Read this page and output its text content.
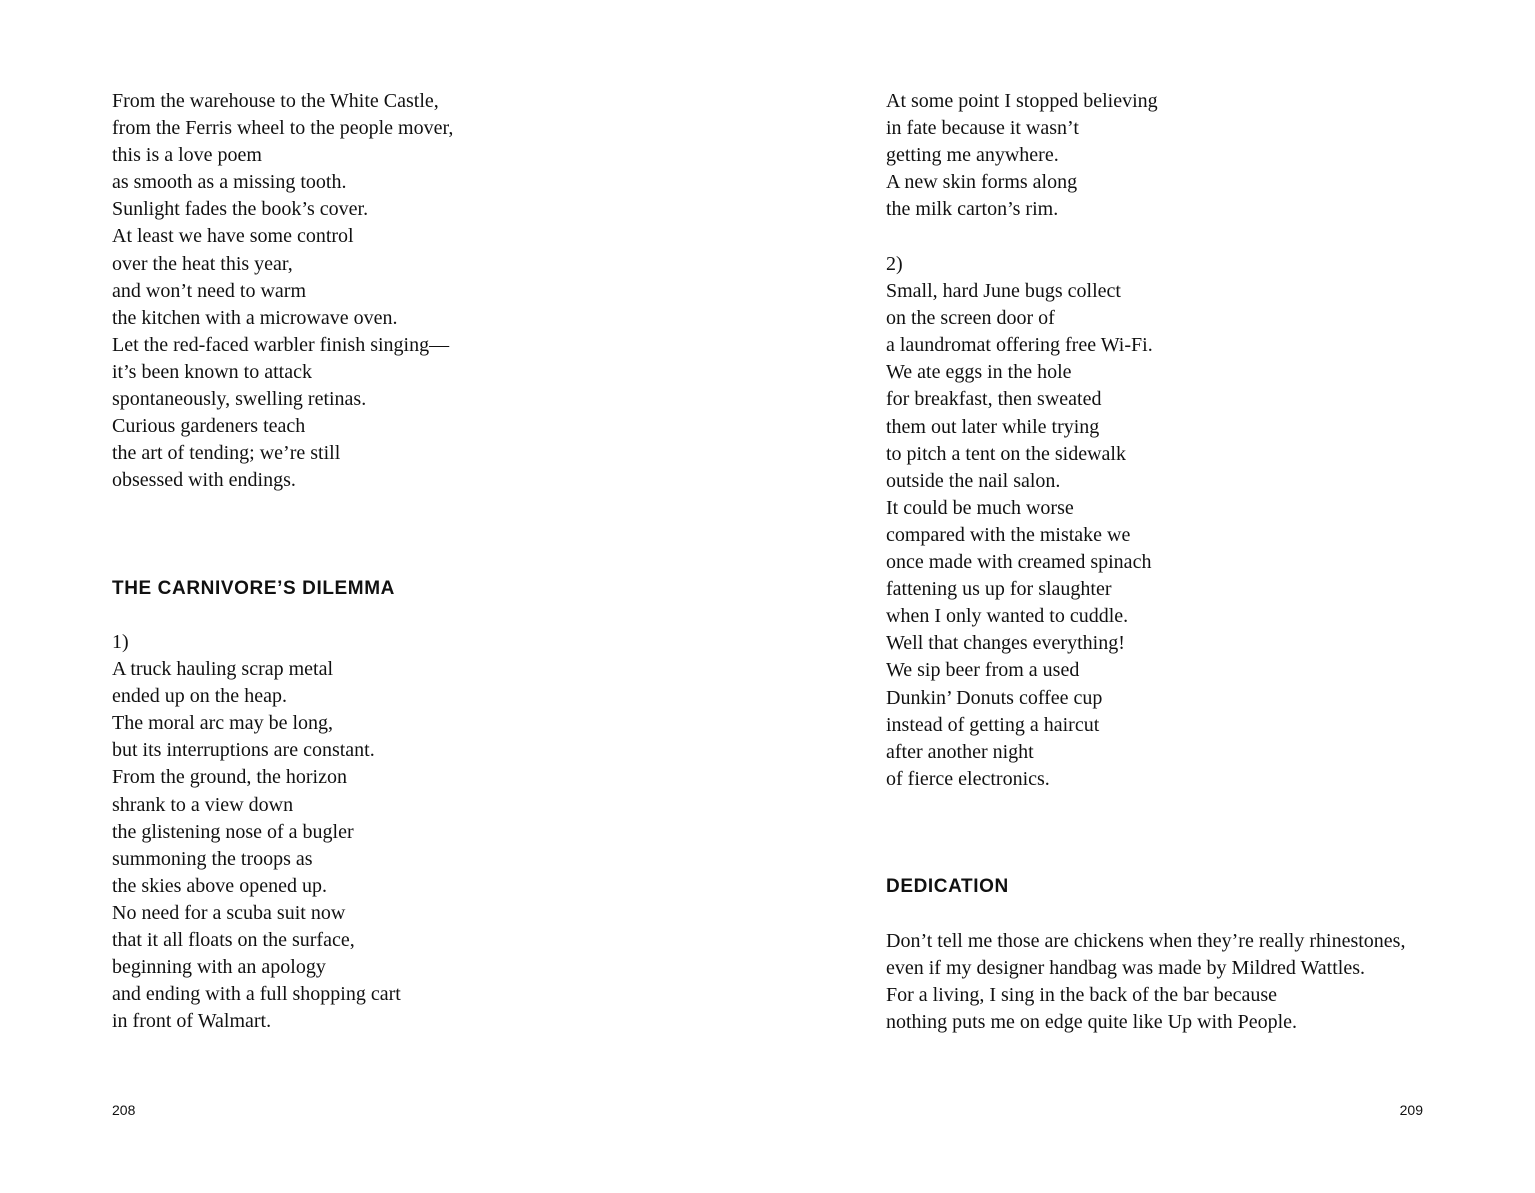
From the warehouse to the White Castle,
from the Ferris wheel to the people mover,
this is a love poem
as smooth as a missing tooth.
Sunlight fades the book’s cover.
At least we have some control
over the heat this year,
and won’t need to warm
the kitchen with a microwave oven.
Let the red-faced warbler finish singing—
it’s been known to attack
spontaneously, swelling retinas.
Curious gardeners teach
the art of tending; we’re still
obsessed with endings.
THE CARNIVORE’S DILEMMA
1)
A truck hauling scrap metal
ended up on the heap.
The moral arc may be long,
but its interruptions are constant.
From the ground, the horizon
shrank to a view down
the glistening nose of a bugler
summoning the troops as
the skies above opened up.
No need for a scuba suit now
that it all floats on the surface,
beginning with an apology
and ending with a full shopping cart
in front of Walmart.
208
At some point I stopped believing
in fate because it wasn’t
getting me anywhere.
A new skin forms along
the milk carton’s rim.
2)
Small, hard June bugs collect
on the screen door of
a laundromat offering free Wi-Fi.
We ate eggs in the hole
for breakfast, then sweated
them out later while trying
to pitch a tent on the sidewalk
outside the nail salon.
It could be much worse
compared with the mistake we
once made with creamed spinach
fattening us up for slaughter
when I only wanted to cuddle.
Well that changes everything!
We sip beer from a used
Dunkin’ Donuts coffee cup
instead of getting a haircut
after another night
of fierce electronics.
DEDICATION
Don’t tell me those are chickens when they’re really rhinestones,
even if my designer handbag was made by Mildred Wattles.
For a living, I sing in the back of the bar because
nothing puts me on edge quite like Up with People.
209
